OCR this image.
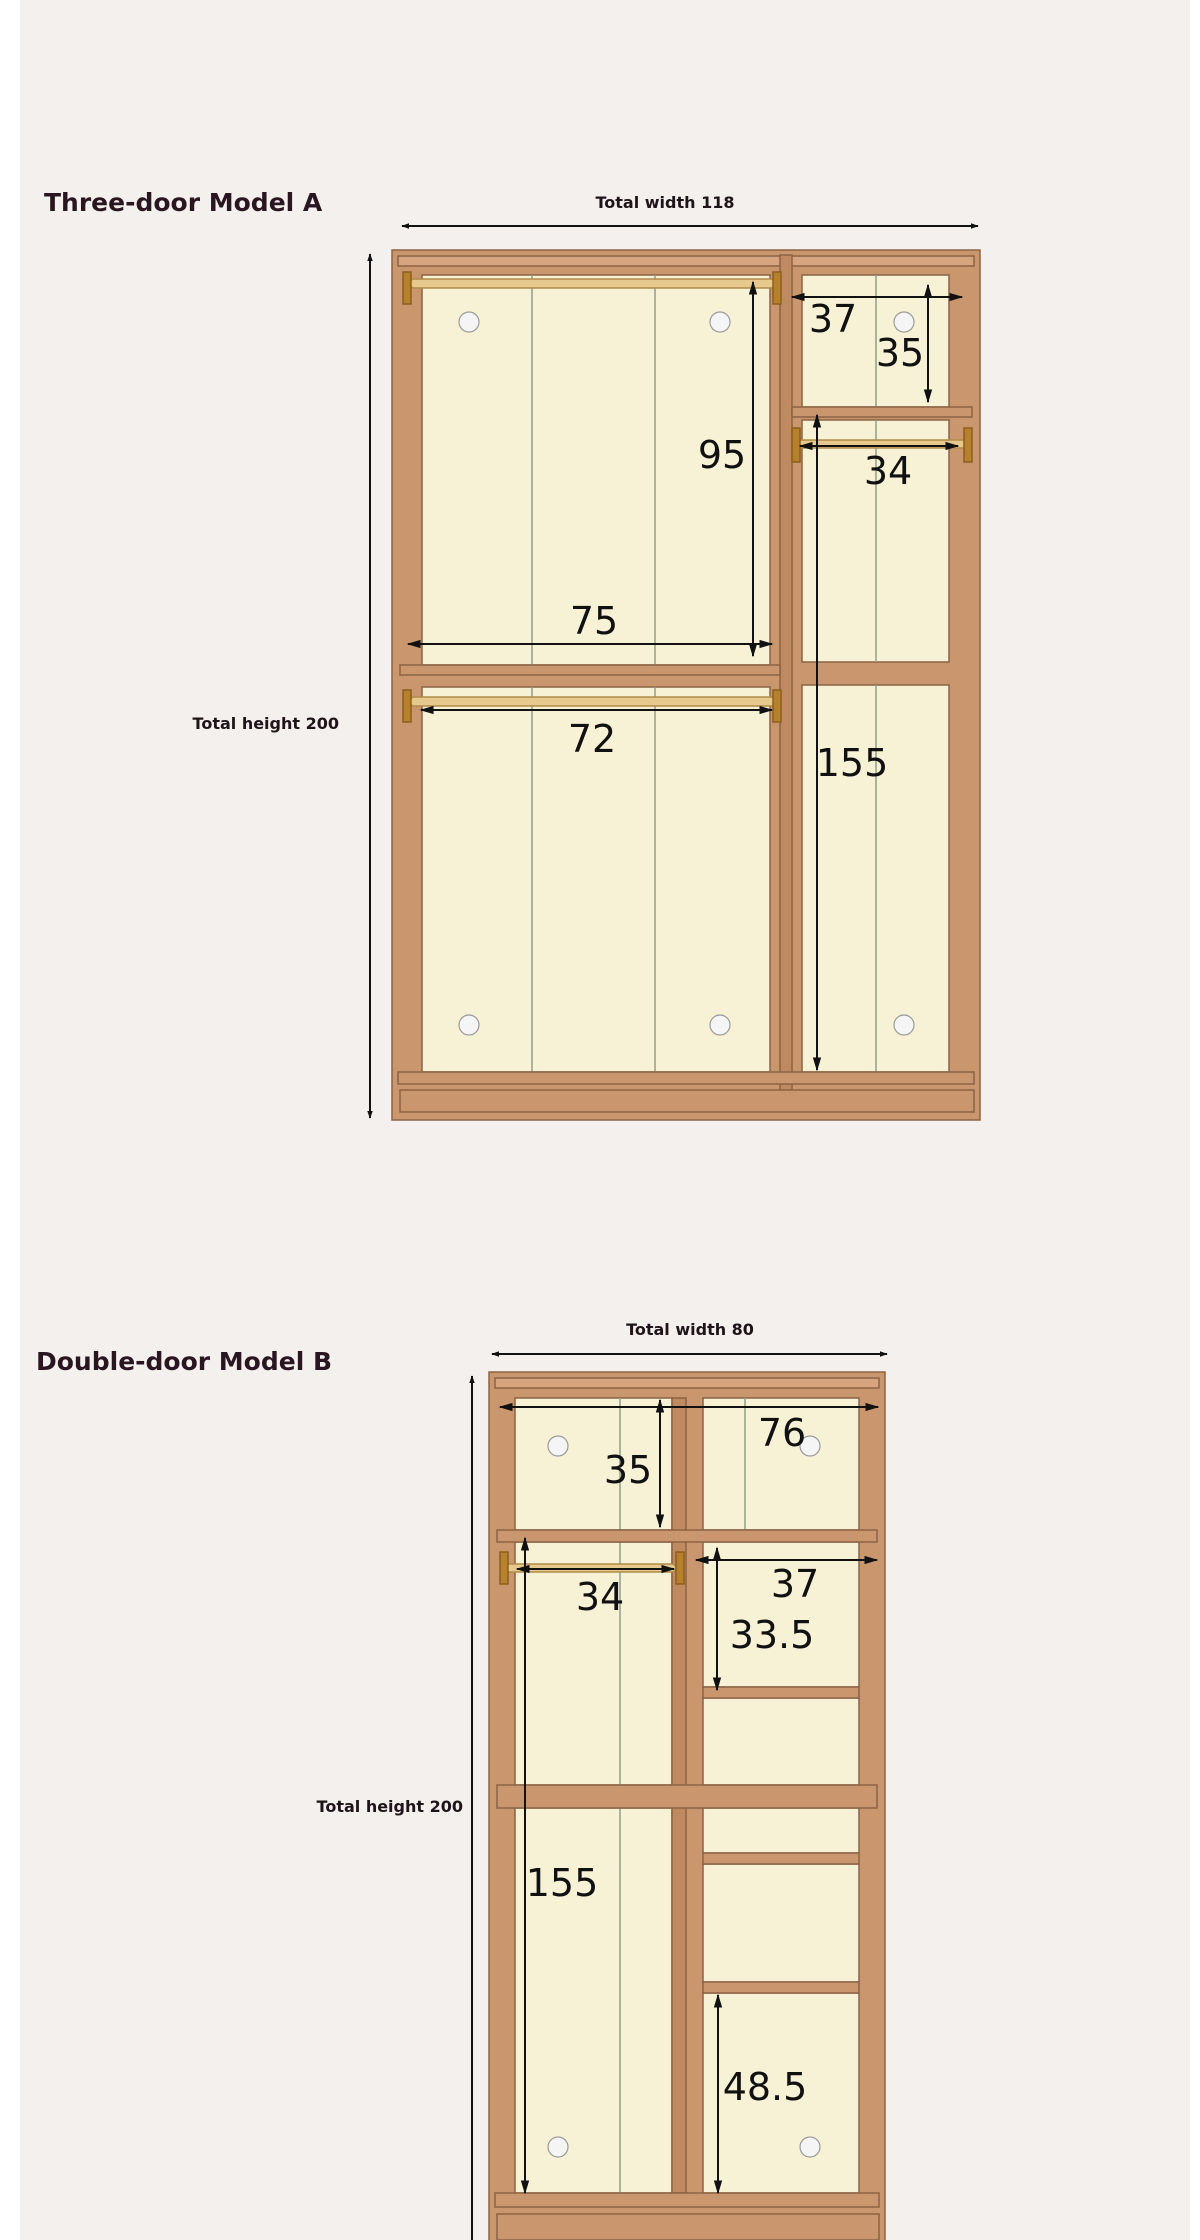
Three-door Model A	Total width 118
Total height 200
Double-door Model B
Total width 80
Total height 200
37
35
34
95
75
72
155
76
35
34	37
33.5
155
48.5
